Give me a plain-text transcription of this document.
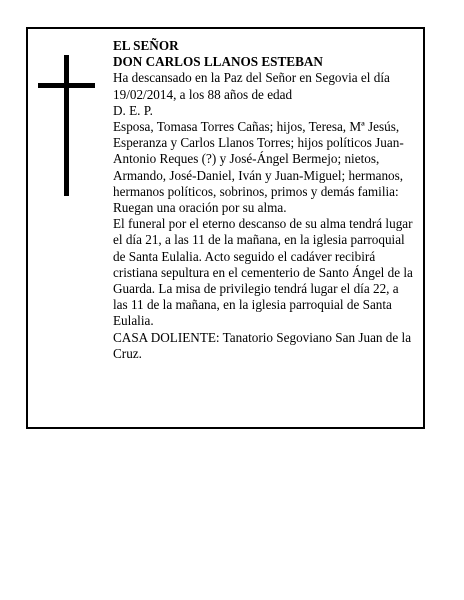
EL SEÑOR

DON CARLOS LLANOS ESTEBAN

Ha descansado en la Paz del Señor en Segovia el día 19/02/2014, a los 88 años de edad

D. E. P.

Esposa, Tomasa Torres Cañas; hijos, Teresa, Mª Jesús, Esperanza y Carlos Llanos Torres; hijos políticos Juan-Antonio Reques (?) y José-Ángel Bermejo; nietos, Armando, José-Daniel, Iván y Juan-Miguel; hermanos, hermanos políticos, sobrinos, primos y demás familia:

Ruegan una oración por su alma.

El funeral por el eterno descanso de su alma tendrá lugar el día 21, a las 11 de la mañana, en la iglesia parroquial de Santa Eulalia. Acto seguido el cadáver recibirá cristiana sepultura en el cementerio de Santo Ángel de la Guarda. La misa de privilegio tendrá lugar el día 22, a las 11 de la mañana, en la iglesia parroquial de Santa Eulalia.

CASA DOLIENTE: Tanatorio Segoviano San Juan de la Cruz.
